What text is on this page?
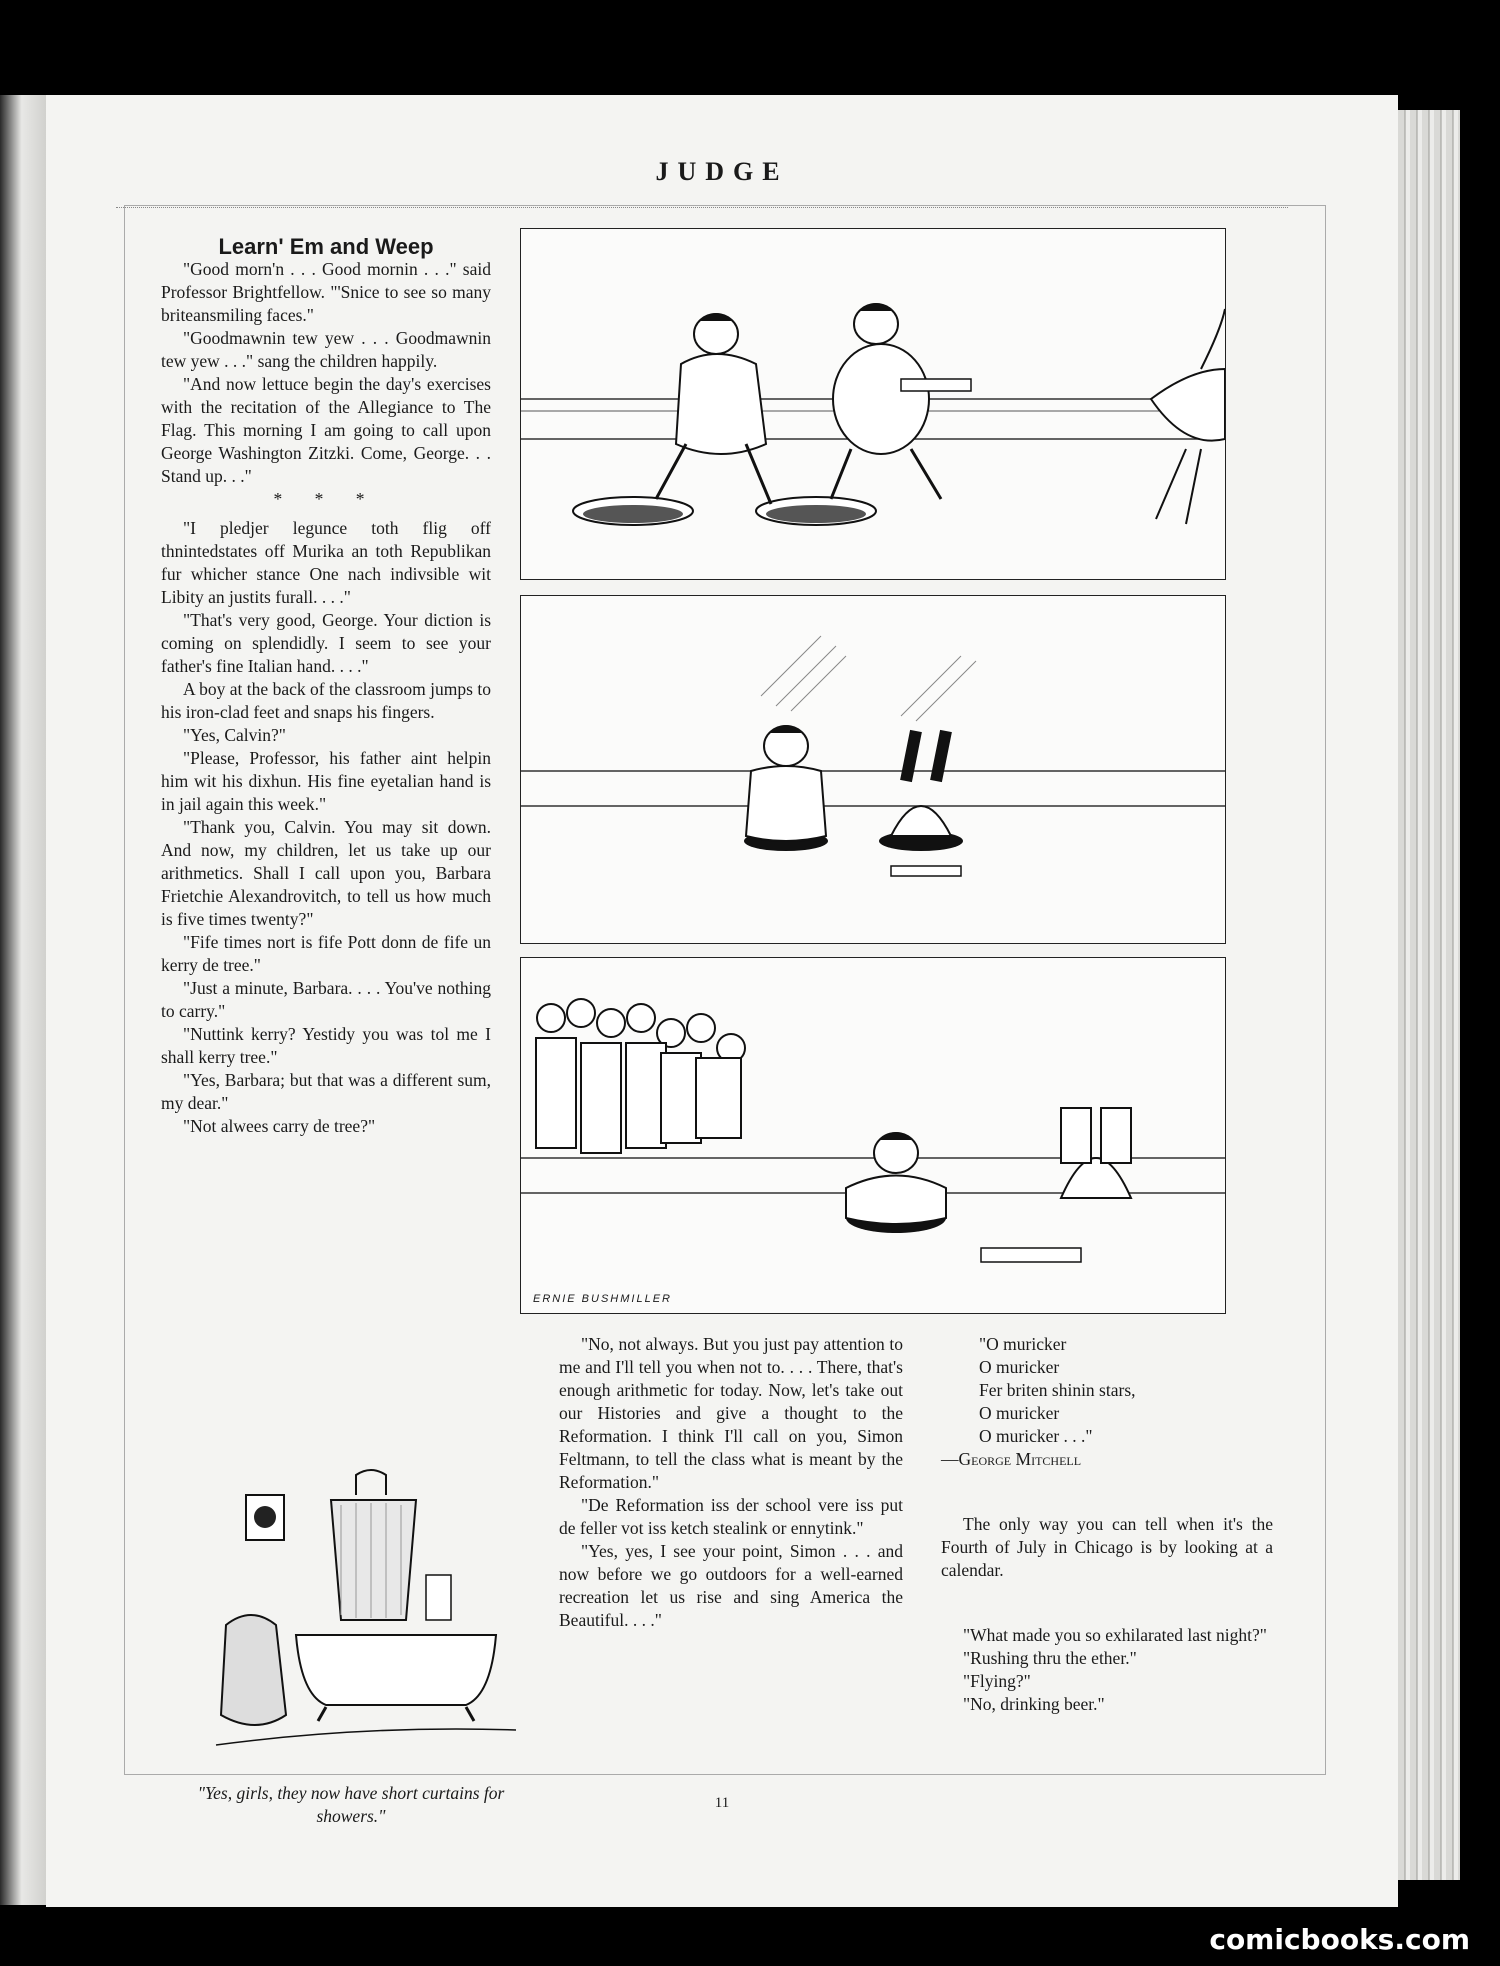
JUDGE

Learn' Em and Weep

"Good morn'n . . . Good mornin . . ." said Professor Brightfellow. "'Snice to see so many briteansmiling faces."

"Goodmawnin tew yew . . . Goodmawnin tew yew . . ." sang the children happily.

"And now lettuce begin the day's exercises with the recitation of the Allegiance to The Flag. This morning I am going to call upon George Washington Zitzki. Come, George. . . Stand up. . ."

* * *

"I pledjer legunce toth flig off thnintedstates off Murika an toth Republikan fur whicher stance One nach indivsible wit Libity an justits furall. . . ."

"That's very good, George. Your diction is coming on splendidly. I seem to see your father's fine Italian hand. . . ."

A boy at the back of the classroom jumps to his iron-clad feet and snaps his fingers.

"Yes, Calvin?"

"Please, Professor, his father aint helpin him wit his dixhun. His fine eyetalian hand is in jail again this week."

"Thank you, Calvin. You may sit down. And now, my children, let us take up our arithmetics. Shall I call upon you, Barbara Frietchie Alexandrovitch, to tell us how much is five times twenty?"

"Fife times nort is fife Pott donn de fife un kerry de tree."

"Just a minute, Barbara. . . . You've nothing to carry."

"Nuttink kerry? Yestidy you was tol me I shall kerry tree."

"Yes, Barbara; but that was a different sum, my dear."

"Not alwees carry de tree?"

ERNIE BUSHMILLER

"No, not always. But you just pay attention to me and I'll tell you when not to. . . . There, that's enough arithmetic for today. Now, let's take out our Histories and give a thought to the Reformation. I think I'll call on you, Simon Feltmann, to tell the class what is meant by the Reformation."

"De Reformation iss der school vere iss put de feller vot iss ketch stealink or ennytink."

"Yes, yes, I see your point, Simon . . . and now before we go outdoors for a well-earned recreation let us rise and sing America the Beautiful. . . ."

"O muricker

O muricker

Fer briten shinin stars,

O muricker

O muricker . . ."

—George Mitchell

The only way you can tell when it's the Fourth of July in Chicago is by looking at a calendar.

"What made you so exhilarated last night?"

"Rushing thru the ether."

"Flying?"

"No, drinking beer."

"Yes, girls, they now have short curtains for showers."
11
comicbooks.com
